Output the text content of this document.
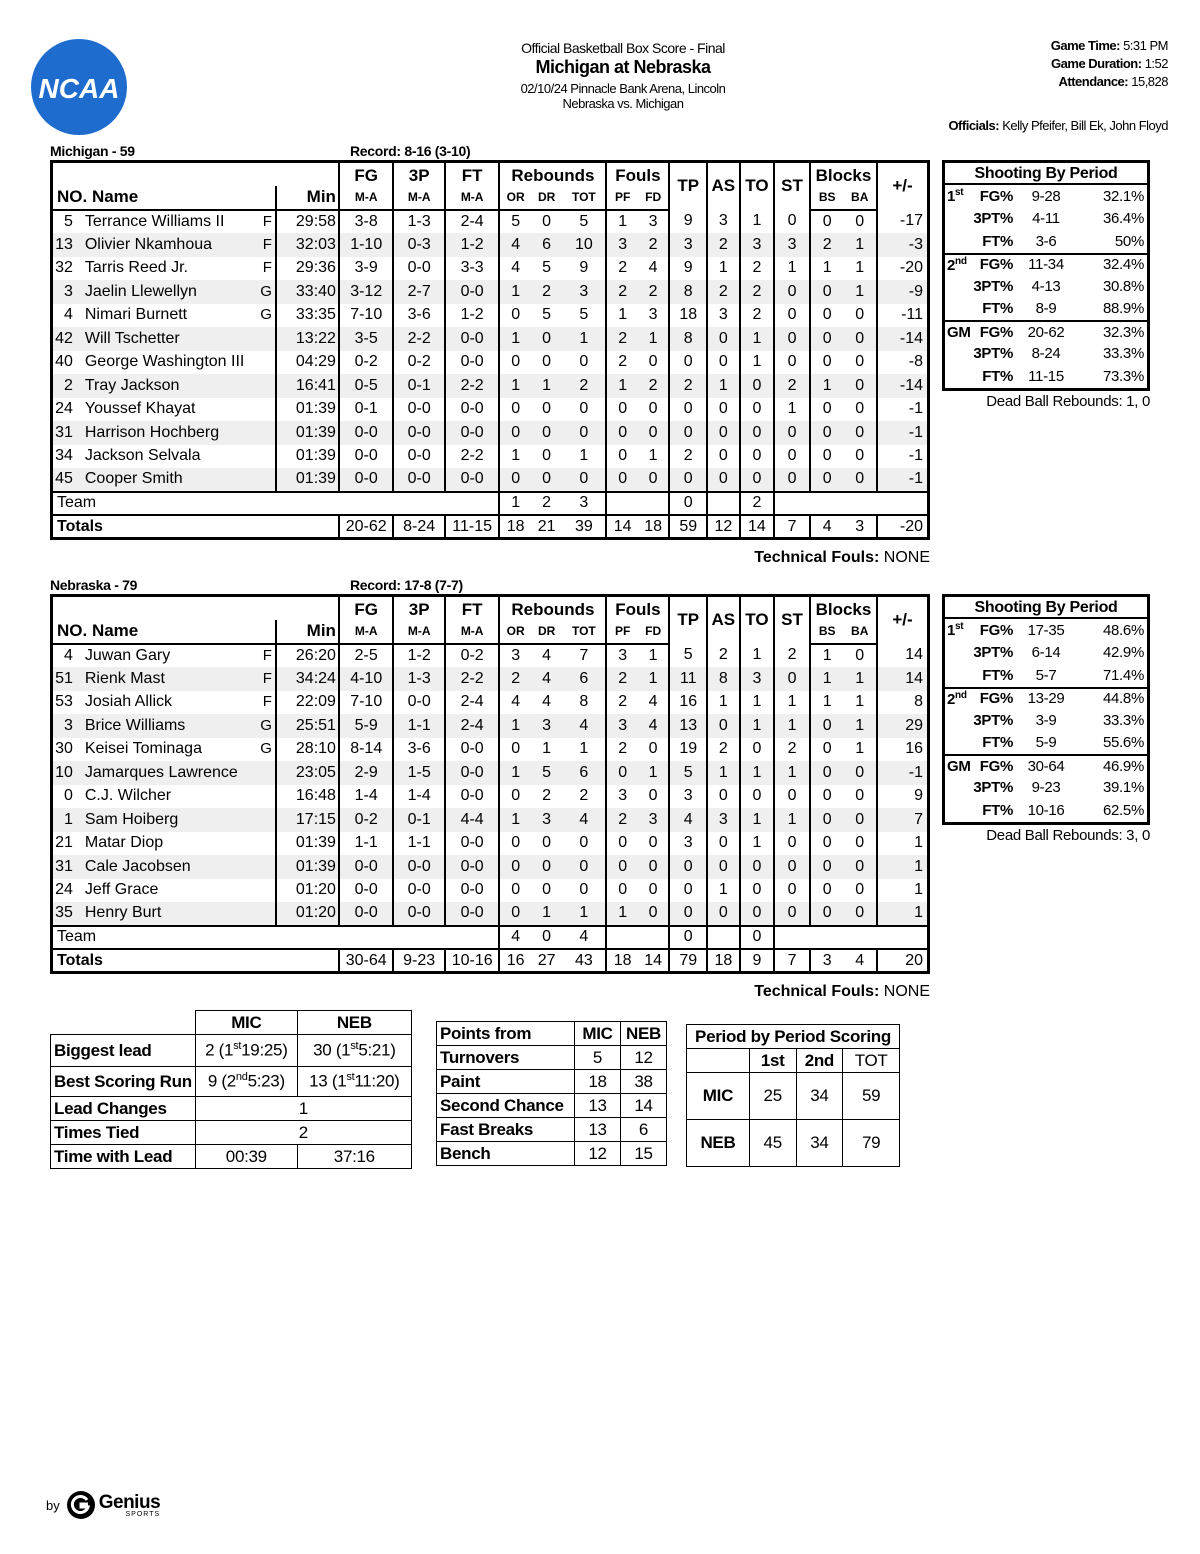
NCAA
Official Basketball Box Score - Final
Michigan at Nebraska
02/10/24 Pinnacle Bank Arena, Lincoln
Nebraska vs. Michigan
Game Time: 5:31 PM
Game Duration: 1:52
Attendance: 15,828
Officials: Kelly Pfeifer, Bill Ek, John Floyd
Michigan - 59	Record: 8-16 (3-10)
			FG	3P	FT	Rebounds			Fouls		TP	AS	TO	ST	Blocks		+/-
NO. Name		Min	M-A	M-A	M-A	OR	DR	TOT	PF	FD					BS	BA	
5	Terrance Williams II F	29:58	3-8	1-3	2-4	5	0	5	1	3	9	3	1	0	0	0	-17
13	Olivier Nkamhoua F	32:03	1-10	0-3	1-2	4	6	10	3	2	3	2	3	3	2	1	-3
32	Tarris Reed Jr. F	29:36	3-9	0-0	3-3	4	5	9	2	4	9	1	2	1	1	1	-20
3	Jaelin Llewellyn G	33:40	3-12	2-7	0-0	1	2	3	2	2	8	2	2	0	0	1	-9
4	Nimari Burnett G	33:35	7-10	3-6	1-2	0	5	5	1	3	18	3	2	0	0	0	-11
42	Will Tschetter	13:22	3-5	2-2	0-0	1	0	1	2	1	8	0	1	0	0	0	-14
40	George Washington III	04:29	0-2	0-2	0-0	0	0	0	2	0	0	0	1	0	0	0	-8
2	Tray Jackson	16:41	0-5	0-1	2-2	1	1	2	1	2	2	1	0	2	1	0	-14
24	Youssef Khayat	01:39	0-1	0-0	0-0	0	0	0	0	0	0	0	0	1	0	0	-1
31	Harrison Hochberg	01:39	0-0	0-0	0-0	0	0	0	0	0	0	0	0	0	0	0	-1
34	Jackson Selvala	01:39	0-0	0-0	2-2	1	0	1	0	1	2	0	0	0	0	0	-1
45	Cooper Smith	01:39	0-0	0-0	0-0	0	0	0	0	0	0	0	0	0	0	0	-1
Team						1	2	3			0		2				
Totals			20-62	8-24	11-15	18	21	39	14	18	59	12	14	7	4	3	-20
Technical Fouls: NONE
Shooting By Period
1st	FG%	9-28	32.1%
3PT%	4-11	36.4%
FT%	3-6	50%
2nd FG%	11-34	32.4%
3PT%	4-13	30.8%
FT%	8-9	88.9%
GM FG% 20-62	32.3%
3PT%	8-24	33.3%
FT%	11-15	73.3%
Dead Ball Rebounds: 1, 0
Nebraska - 79	Record: 17-8 (7-7)
			FG	3P	FT	Rebounds			Fouls		TP	AS	TO	ST	Blocks		+/-
NO. Name		Min	M-A	M-A	M-A	OR	DR	TOT	PF	FD					BS	BA	
4	Juwan Gary F	26:20	2-5	1-2	0-2	3	4	7	3	1	5	2	1	2	1	0	14
51	Rienk Mast F	34:24	4-10	1-3	2-2	2	4	6	2	1	11	8	3	0	1	1	14
53	Josiah Allick F	22:09	7-10	0-0	2-4	4	4	8	2	4	16	1	1	1	1	1	8
3	Brice Williams G	25:51	5-9	1-1	2-4	1	3	4	3	4	13	0	1	1	0	1	29
30	Keisei Tominaga G	28:10	8-14	3-6	0-0	0	1	1	2	0	19	2	0	2	0	1	16
10	Jamarques Lawrence	23:05	2-9	1-5	0-0	1	5	6	0	1	5	1	1	1	0	0	-1
0	C.J. Wilcher	16:48	1-4	1-4	0-0	0	2	2	3	0	3	0	0	0	0	0	9
1	Sam Hoiberg	17:15	0-2	0-1	4-4	1	3	4	2	3	4	3	1	1	0	0	7
21	Matar Diop	01:39	1-1	1-1	0-0	0	0	0	0	0	3	0	1	0	0	0	1
31	Cale Jacobsen	01:39	0-0	0-0	0-0	0	0	0	0	0	0	0	0	0	0	0	1
24	Jeff Grace	01:20	0-0	0-0	0-0	0	0	0	0	0	0	1	0	0	0	0	1
35	Henry Burt	01:20	0-0	0-0	0-0	0	1	1	1	0	0	0	0	0	0	0	1
Team						4	0	4			0		0				
Totals			30-64	9-23	10-16	16	27	43	18	14	79	18	9	7	3	4	20
Technical Fouls: NONE
Shooting By Period
1st	FG% 17-35	48.6%
3PT%	6-14	42.9%
FT%	5-7	71.4%
2nd FG% 13-29	44.8%
3PT%	3-9	33.3%
FT%	5-9	55.6%
GM FG% 30-64	46.9%
3PT%	9-23	39.1%
FT% 10-16	62.5%
Dead Ball Rebounds: 3, 0
	MIC	NEB
Biggest lead	2 (1st19:25)	30 (1st5:21)
Best Scoring Run	9 (2nd5:23)	13 (1st11:20)
Lead Changes	1	
Times Tied	2	
Time with Lead	00:39	37:16
Points from	MIC	NEB
Turnovers	5	12
Paint	18	38
Second Chance	13	14
Fast Breaks	13	6
Bench	12	15
Period by Period Scoring			
	1st	2nd	TOT
MIC	25	34	59
NEB	45	34	79
by Genius
SPORTS
